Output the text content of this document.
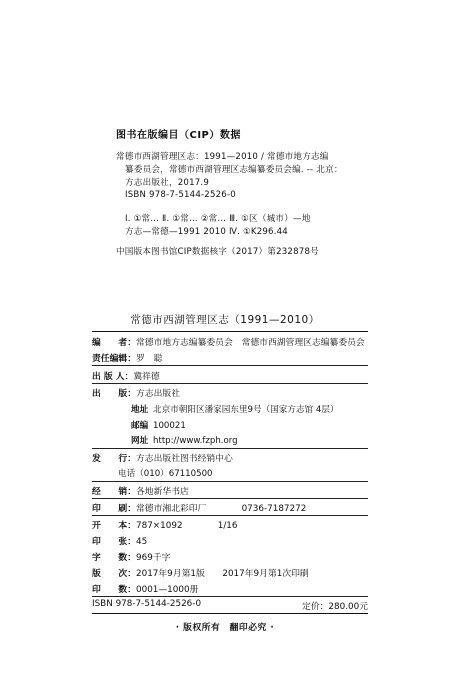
图书在版编目（CIP）数据
常德市西湖管理区志：1991—2010 / 常德市地方志编
纂委员会，常德市西湖管理区志编纂委员会编. -- 北京：
方志出版社，2017.9
ISBN 978-7-5144-2526-0
Ⅰ. ①常… Ⅱ. ①常… ②常… Ⅲ. ①区（城市）—地
方志—常德—1991 2010 Ⅳ. ①K296.44
中国版本图书馆CIP数据核字（2017）第232878号
常德市西湖管理区志（1991—2010）
编　　者：常德市地方志编纂委员会　常德市西湖管理区志编纂委员会
责任编辑：罗　聪
出 版 人：冀祥德
出　　版：方志出版社
地址 北京市朝阳区潘家园东里9号（国家方志馆 4层）
邮编 100021
网址 http://www.fzph.org
发　　行：方志出版社图书经销中心
电话（010）67110500
经　　销：各地新华书店
印　　刷：常德市湘北彩印厂　　　　0736-7187272
开　　本：787×1092　　　　1/16
印　　张：45
字　　数：969千字
版　　次：2017年9月第1版　　2017年9月第1次印刷
印　　数：0001—1000册
ISBN 978-7-5144-2526-0	定价：280.00元
· 版权所有　翻印必究 ·
